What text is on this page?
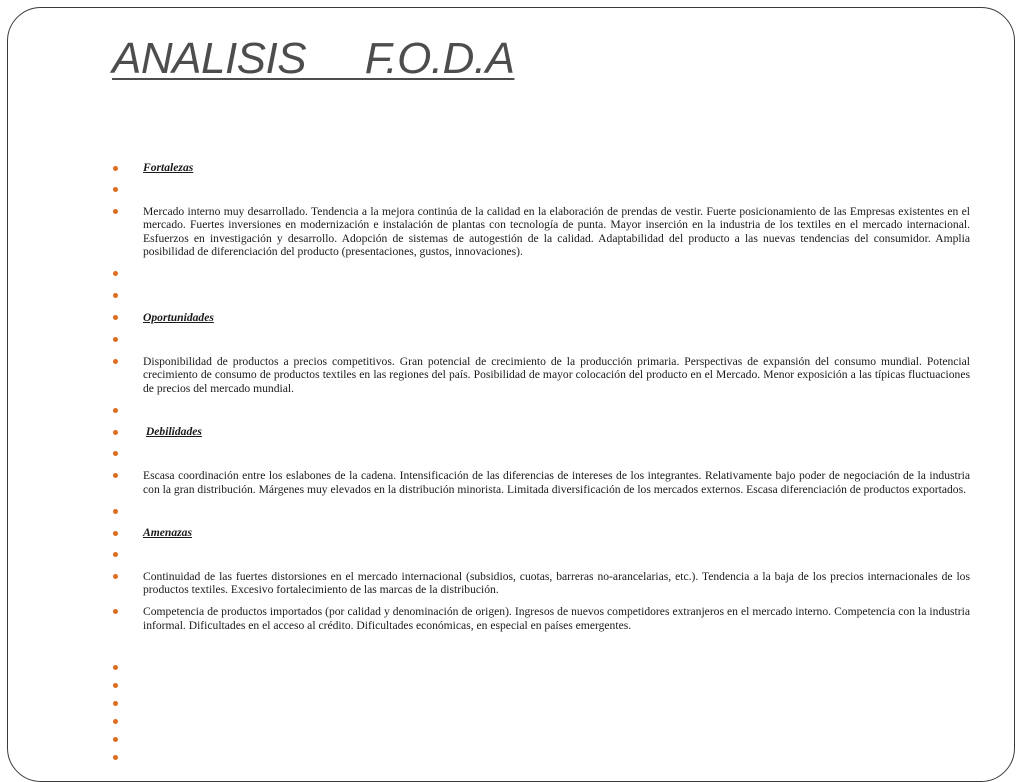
ANALISIS     F.O.D.A
Fortalezas
Mercado interno muy desarrollado. Tendencia a la mejora continúa de la calidad en la elaboración de prendas de vestir. Fuerte posicionamiento de las Empresas existentes en el mercado. Fuertes inversiones en modernización e instalación de plantas con tecnología de punta. Mayor inserción en la industria de los textiles en el mercado internacional. Esfuerzos en investigación y desarrollo. Adopción de sistemas de autogestión de la calidad. Adaptabilidad del producto a las nuevas tendencias del consumidor. Amplia posibilidad de diferenciación del producto (presentaciones, gustos, innovaciones).
Oportunidades
Disponibilidad de productos a precios competitivos. Gran potencial de crecimiento de la producción primaria. Perspectivas de expansión del consumo mundial. Potencial crecimiento de consumo de productos textiles en las regiones del país. Posibilidad de mayor colocación del producto en el Mercado. Menor exposición a las típicas fluctuaciones de precios del mercado mundial.
Debilidades
Escasa coordinación entre los eslabones de la cadena. Intensificación de las diferencias de intereses de los integrantes. Relativamente bajo poder de negociación de la industria con la gran distribución. Márgenes muy elevados en la distribución minorista. Limitada diversificación de los mercados externos. Escasa diferenciación de productos exportados.
Amenazas
Continuidad de las fuertes distorsiones en el mercado internacional (subsidios, cuotas, barreras no-arancelarias, etc.). Tendencia a la baja de los precios internacionales de los productos textiles. Excesivo fortalecimiento de las marcas de la distribución.
Competencia de productos importados (por calidad y denominación de origen). Ingresos de nuevos competidores extranjeros en el mercado interno. Competencia con la industria informal. Dificultades en el acceso al crédito. Dificultades económicas, en especial en países emergentes.
